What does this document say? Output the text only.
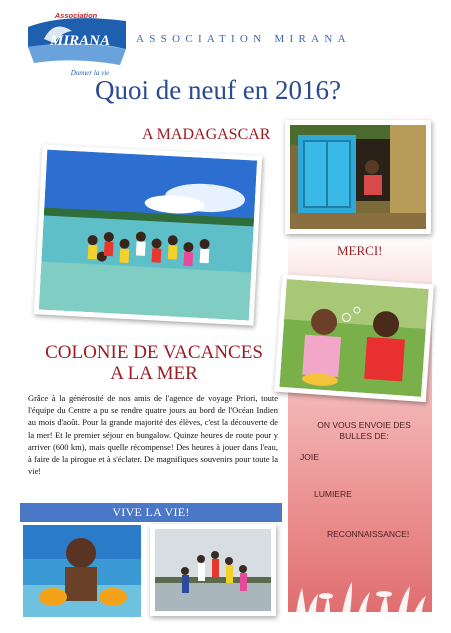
Association
MIRANA
Donner la vie
ASSOCIATION MIRANA
Quoi de neuf en 2016?
A MADAGASCAR
MERCI!
COLONIE DE VACANCES A LA MER
Grâce à la générosité de nos amis de l'agence de voyage Priori, toute l'équipe du Centre a pu se rendre quatre jours au bord de l'Océan Indien au mois d'août. Pour la grande majorité des élèves, c'est la découverte de la mer! Et le premier séjour en bungalow. Quinze heures de route pour y arriver (600 km), mais quelle récompense! Des heures à jouer dans l'eau, à faire de la pirogue et à s'éclater. De magnifiques souvenirs pour toute la vie!
ON VOUS ENVOIE DES BULLES DE:
JOIE
LUMIERE
RECONNAISSANCE!
VIVE LA VIE!
